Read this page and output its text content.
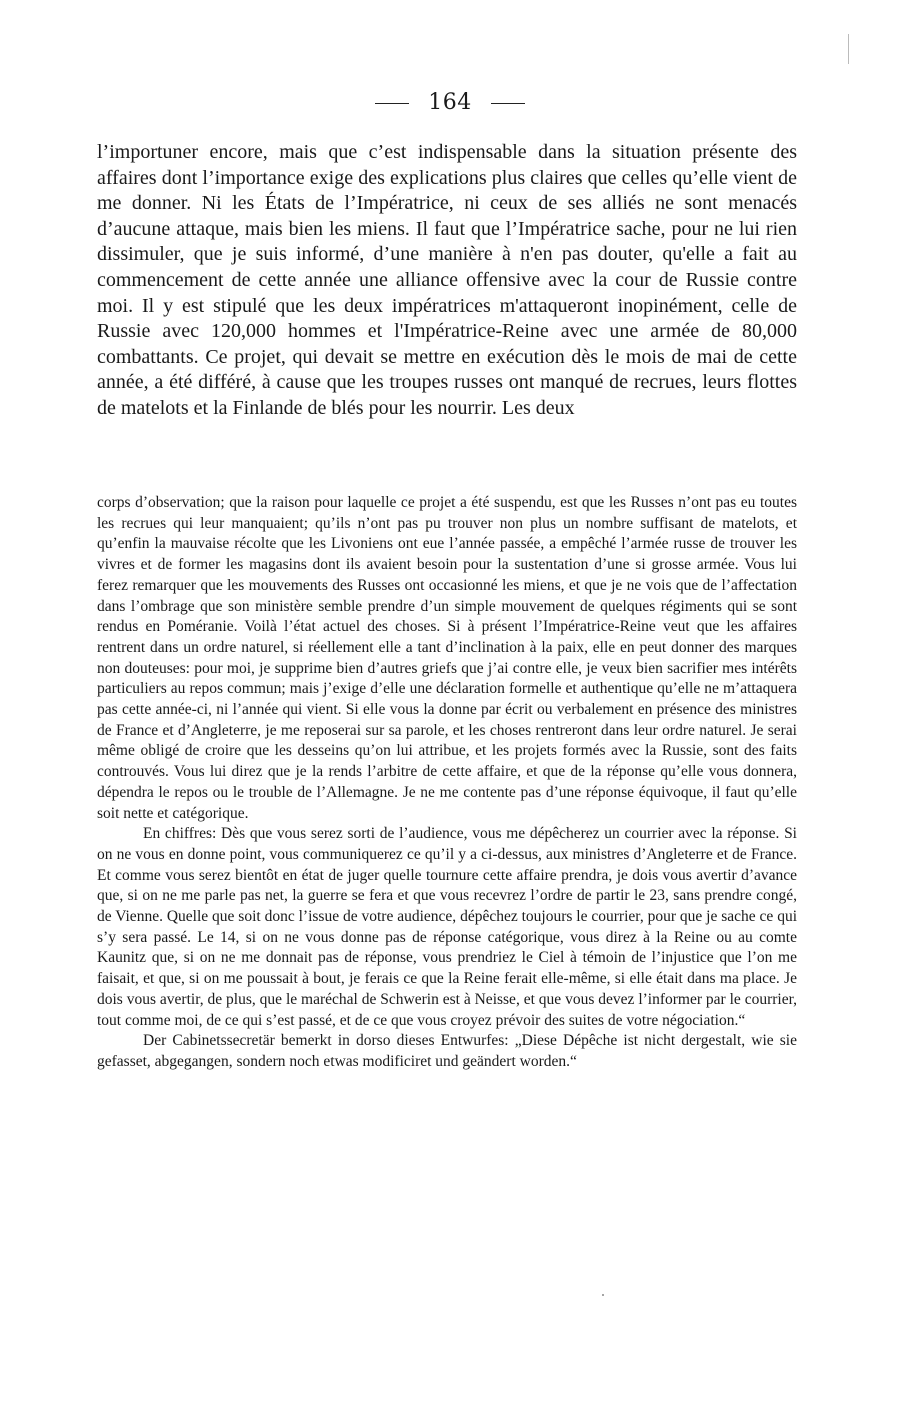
164

l’importuner encore, mais que c’est indispensable dans la situation présente des affaires dont l’importance exige des explications plus claires que celles qu’elle vient de me donner. Ni les États de l’Impératrice, ni ceux de ses alliés ne sont menacés d’aucune attaque, mais bien les miens. Il faut que l’Impératrice sache, pour ne lui rien dissimuler, que je suis informé, d’une manière à n'en pas douter, qu'elle a fait au commencement de cette année une alliance offensive avec la cour de Russie contre moi. Il y est stipulé que les deux impératrices m'attaqueront inopinément, celle de Russie avec 120,000 hommes et l'Impératrice-Reine avec une armée de 80,000 combattants. Ce projet, qui devait se mettre en exécution dès le mois de mai de cette année, a été différé, à cause que les troupes russes ont manqué de recrues, leurs flottes de matelots et la Finlande de blés pour les nourrir. Les deux

corps d’observation; que la raison pour laquelle ce projet a été suspendu, est que les Russes n’ont pas eu toutes les recrues qui leur manquaient; qu’ils n’ont pas pu trouver non plus un nombre suffisant de matelots, et qu’enfin la mauvaise récolte que les Livoniens ont eue l’année passée, a empêché l’armée russe de trouver les vivres et de former les magasins dont ils avaient besoin pour la sustentation d’une si grosse armée. Vous lui ferez remarquer que les mouvements des Russes ont occasionné les miens, et que je ne vois que de l’affectation dans l’ombrage que son ministère semble prendre d’un simple mouvement de quelques régiments qui se sont rendus en Poméranie. Voilà l’état actuel des choses. Si à présent l’Impératrice-Reine veut que les affaires rentrent dans un ordre naturel, si réellement elle a tant d’inclination à la paix, elle en peut donner des marques non douteuses: pour moi, je supprime bien d’autres griefs que j’ai contre elle, je veux bien sacrifier mes intérêts particuliers au repos commun; mais j’exige d’elle une déclaration formelle et authentique qu’elle ne m’attaquera pas cette année-ci, ni l’année qui vient. Si elle vous la donne par écrit ou verbalement en présence des ministres de France et d’Angleterre, je me reposerai sur sa parole, et les choses rentreront dans leur ordre naturel. Je serai même obligé de croire que les desseins qu’on lui attribue, et les projets formés avec la Russie, sont des faits controuvés. Vous lui direz que je la rends l’arbitre de cette affaire, et que de la réponse qu’elle vous donnera, dépendra le repos ou le trouble de l’Allemagne. Je ne me contente pas d’une réponse équivoque, il faut qu’elle soit nette et catégorique.

En chiffres: Dès que vous serez sorti de l’audience, vous me dépêcherez un courrier avec la réponse. Si on ne vous en donne point, vous communiquerez ce qu’il y a ci-dessus, aux ministres d’Angleterre et de France. Et comme vous serez bientôt en état de juger quelle tournure cette affaire prendra, je dois vous avertir d’avance que, si on ne me parle pas net, la guerre se fera et que vous recevrez l’ordre de partir le 23, sans prendre congé, de Vienne. Quelle que soit donc l’issue de votre audience, dépêchez toujours le courrier, pour que je sache ce qui s’y sera passé. Le 14, si on ne vous donne pas de réponse catégorique, vous direz à la Reine ou au comte Kaunitz que, si on ne me donnait pas de réponse, vous prendriez le Ciel à témoin de l’injustice que l’on me faisait, et que, si on me poussait à bout, je ferais ce que la Reine ferait elle-même, si elle était dans ma place. Je dois vous avertir, de plus, que le maréchal de Schwerin est à Neisse, et que vous devez l’informer par le courrier, tout comme moi, de ce qui s’est passé, et de ce que vous croyez prévoir des suites de votre négociation.“

Der Cabinetssecretär bemerkt in dorso dieses Entwurfes: „Diese Dépêche ist nicht dergestalt, wie sie gefasset, abgegangen, sondern noch etwas modificiret und geändert worden.“
